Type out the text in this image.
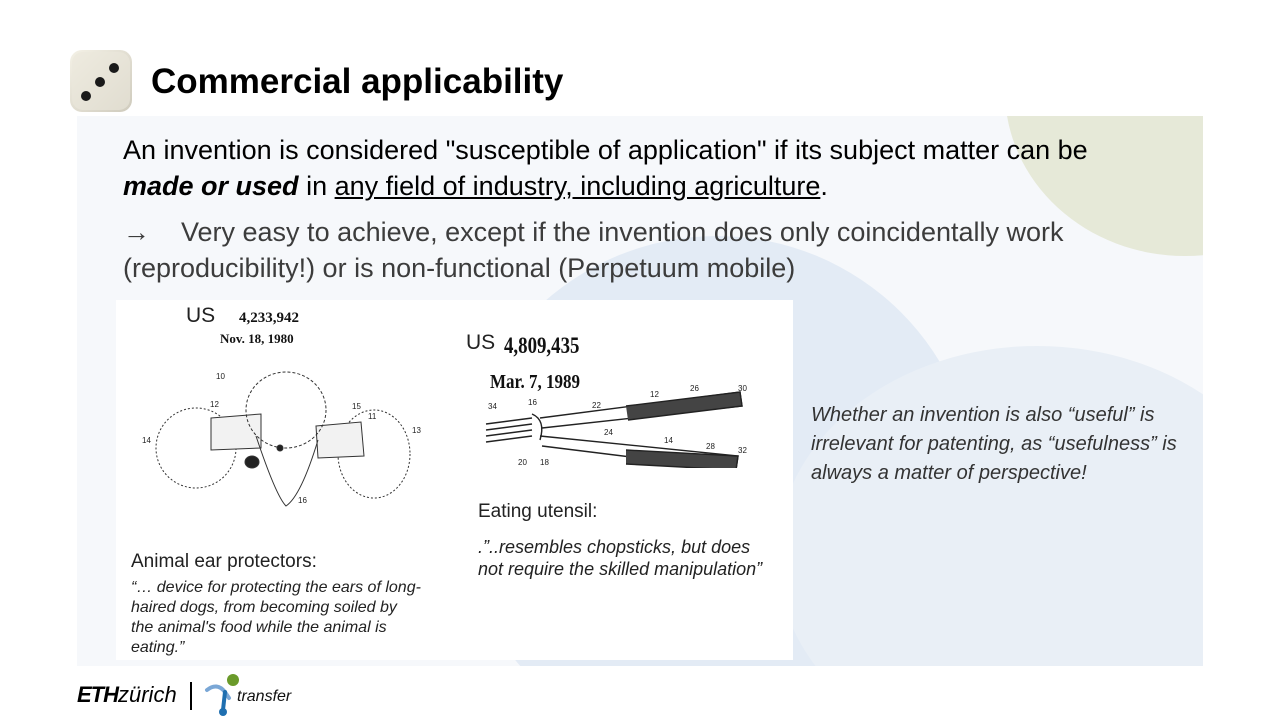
Commercial applicability

An invention is considered "susceptible of application" if its subject matter can be
made or used in any field of industry, including agriculture.

→ Very easy to achieve, except if the invention does only coincidentally work (reproducibility!) or is non-functional (Perpetuum mobile)

US 4,233,942
Nov. 18, 1980
10
12	15
11
14
13
16
Animal ear protectors:
“… device for protecting the ears of long-haired dogs, from becoming soiled by the animal's food while the animal is eating.”
US 4,809,435
Mar. 7, 1989
34	16	22
12
26	30
24
14
28	32
20 18
Eating utensil:
.”..resembles chopsticks, but does
not require the skilled manipulation”

Whether an invention is also “useful” is irrelevant for patenting, as “usefulness” is always a matter of perspective!

ETHzürich	transfer
